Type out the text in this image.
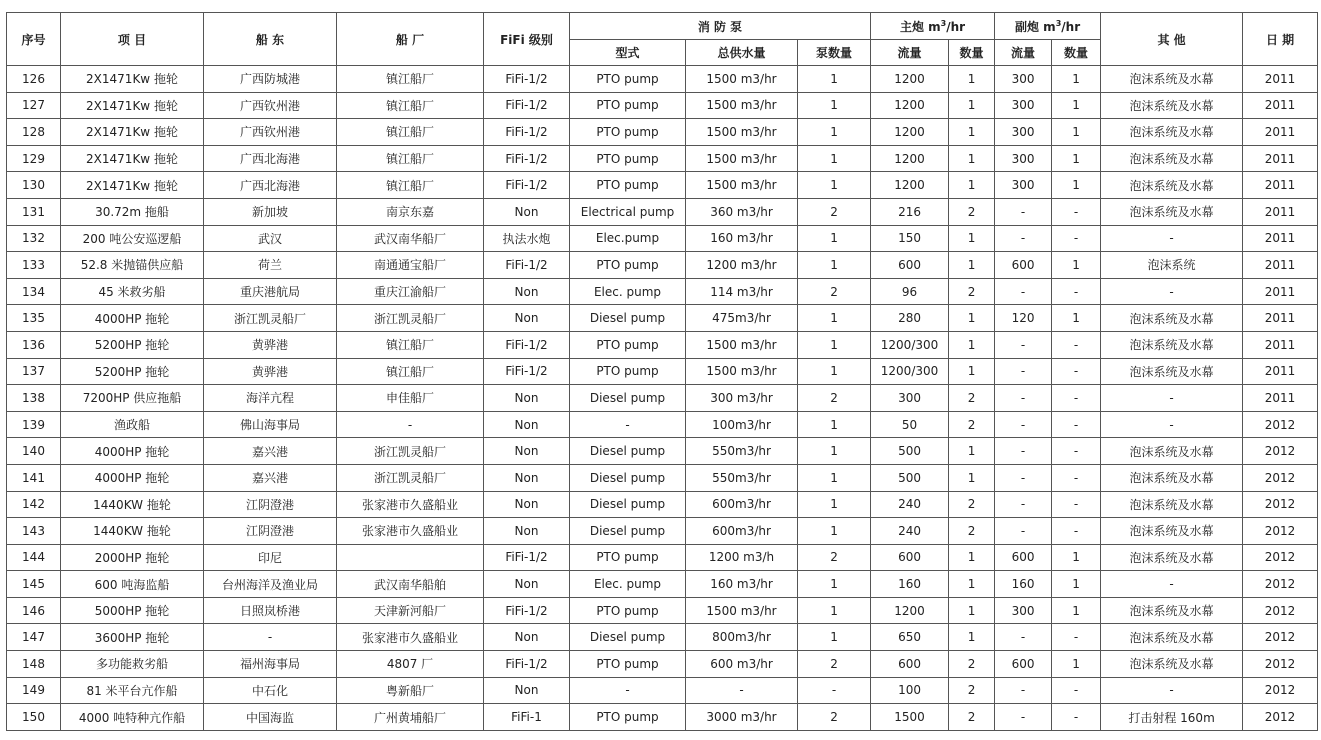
序号	项 目	船 东	船 厂	FiFi 级别	消 防 泵			主炮 $m^3/hr$		副炮 $m^3/hr$		其 他	日 期
					型式	总供水量	泵数量	流量	数量	流量	数量		
126	2X1471Kw 拖轮	广西防城港	镇江船厂	FiFi-1/2	PTO pump	1500 m3/hr	1	1200	1	300	1	泡沫系统及水幕	2011
127	2X1471Kw 拖轮	广西钦州港	镇江船厂	FiFi-1/2	PTO pump	1500 m3/hr	1	1200	1	300	1	泡沫系统及水幕	2011
128	2X1471Kw 拖轮	广西钦州港	镇江船厂	FiFi-1/2	PTO pump	1500 m3/hr	1	1200	1	300	1	泡沫系统及水幕	2011
129	2X1471Kw 拖轮	广西北海港	镇江船厂	FiFi-1/2	PTO pump	1500 m3/hr	1	1200	1	300	1	泡沫系统及水幕	2011
130	2X1471Kw 拖轮	广西北海港	镇江船厂	FiFi-1/2	PTO pump	1500 m3/hr	1	1200	1	300	1	泡沫系统及水幕	2011
131	30.72m 拖船	新加坡	南京东嘉	Non	Electrical pump	360 m3/hr	2	216	2	-	-	泡沫系统及水幕	2011
132	200 吨公安巡逻船	武汉	武汉南华船厂	执法水炮	Elec.pump	160 m3/hr	1	150	1	-	-	-	2011
133	52.8 米抛锚供应船	荷兰	南通通宝船厂	FiFi-1/2	PTO pump	1200 m3/hr	1	600	1	600	1	泡沫系统	2011
134	45 米救劣船	重庆港航局	重庆江渝船厂	Non	Elec. pump	114 m3/hr	2	96	2	-	-	-	2011
135	4000HP 拖轮	浙江凯灵船厂	浙江凯灵船厂	Non	Diesel pump	475m3/hr	1	280	1	120	1	泡沫系统及水幕	2011
136	5200HP 拖轮	黄骅港	镇江船厂	FiFi-1/2	PTO pump	1500 m3/hr	1	1200/300	1	-	-	泡沫系统及水幕	2011
137	5200HP 拖轮	黄骅港	镇江船厂	FiFi-1/2	PTO pump	1500 m3/hr	1	1200/300	1	-	-	泡沫系统及水幕	2011
138	7200HP 供应拖船	海洋亢程	申佳船厂	Non	Diesel pump	300 m3/hr	2	300	2	-	-	-	2011
139	渔政船	佛山海事局	-	Non	-	100m3/hr	1	50	2	-	-	-	2012
140	4000HP 拖轮	嘉兴港	浙江凯灵船厂	Non	Diesel pump	550m3/hr	1	500	1	-	-	泡沫系统及水幕	2012
141	4000HP 拖轮	嘉兴港	浙江凯灵船厂	Non	Diesel pump	550m3/hr	1	500	1	-	-	泡沫系统及水幕	2012
142	1440KW 拖轮	江阴澄港	张家港市久盛船业	Non	Diesel pump	600m3/hr	1	240	2	-	-	泡沫系统及水幕	2012
143	1440KW 拖轮	江阴澄港	张家港市久盛船业	Non	Diesel pump	600m3/hr	1	240	2	-	-	泡沫系统及水幕	2012
144	2000HP 拖轮	印尼		FiFi-1/2	PTO pump	1200 m3/h	2	600	1	600	1	泡沫系统及水幕	2012
145	600 吨海监船	台州海洋及渔业局	武汉南华船舶	Non	Elec. pump	160 m3/hr	1	160	1	160	1	-	2012
146	5000HP 拖轮	日照岚桥港	天津新河船厂	FiFi-1/2	PTO pump	1500 m3/hr	1	1200	1	300	1	泡沫系统及水幕	2012
147	3600HP 拖轮	-	张家港市久盛船业	Non	Diesel pump	800m3/hr	1	650	1	-	-	泡沫系统及水幕	2012
148	多功能救劣船	福州海事局	4807 厂	FiFi-1/2	PTO pump	600 m3/hr	2	600	2	600	1	泡沫系统及水幕	2012
149	81 米平台亢作船	中石化	粤新船厂	Non	-	-	-	100	2	-	-	-	2012
150	4000 吨特种亢作船	中国海监	广州黄埔船厂	FiFi-1	PTO pump	3000 m3/hr	2	1500	2	-	-	打击射程 160m	2012
